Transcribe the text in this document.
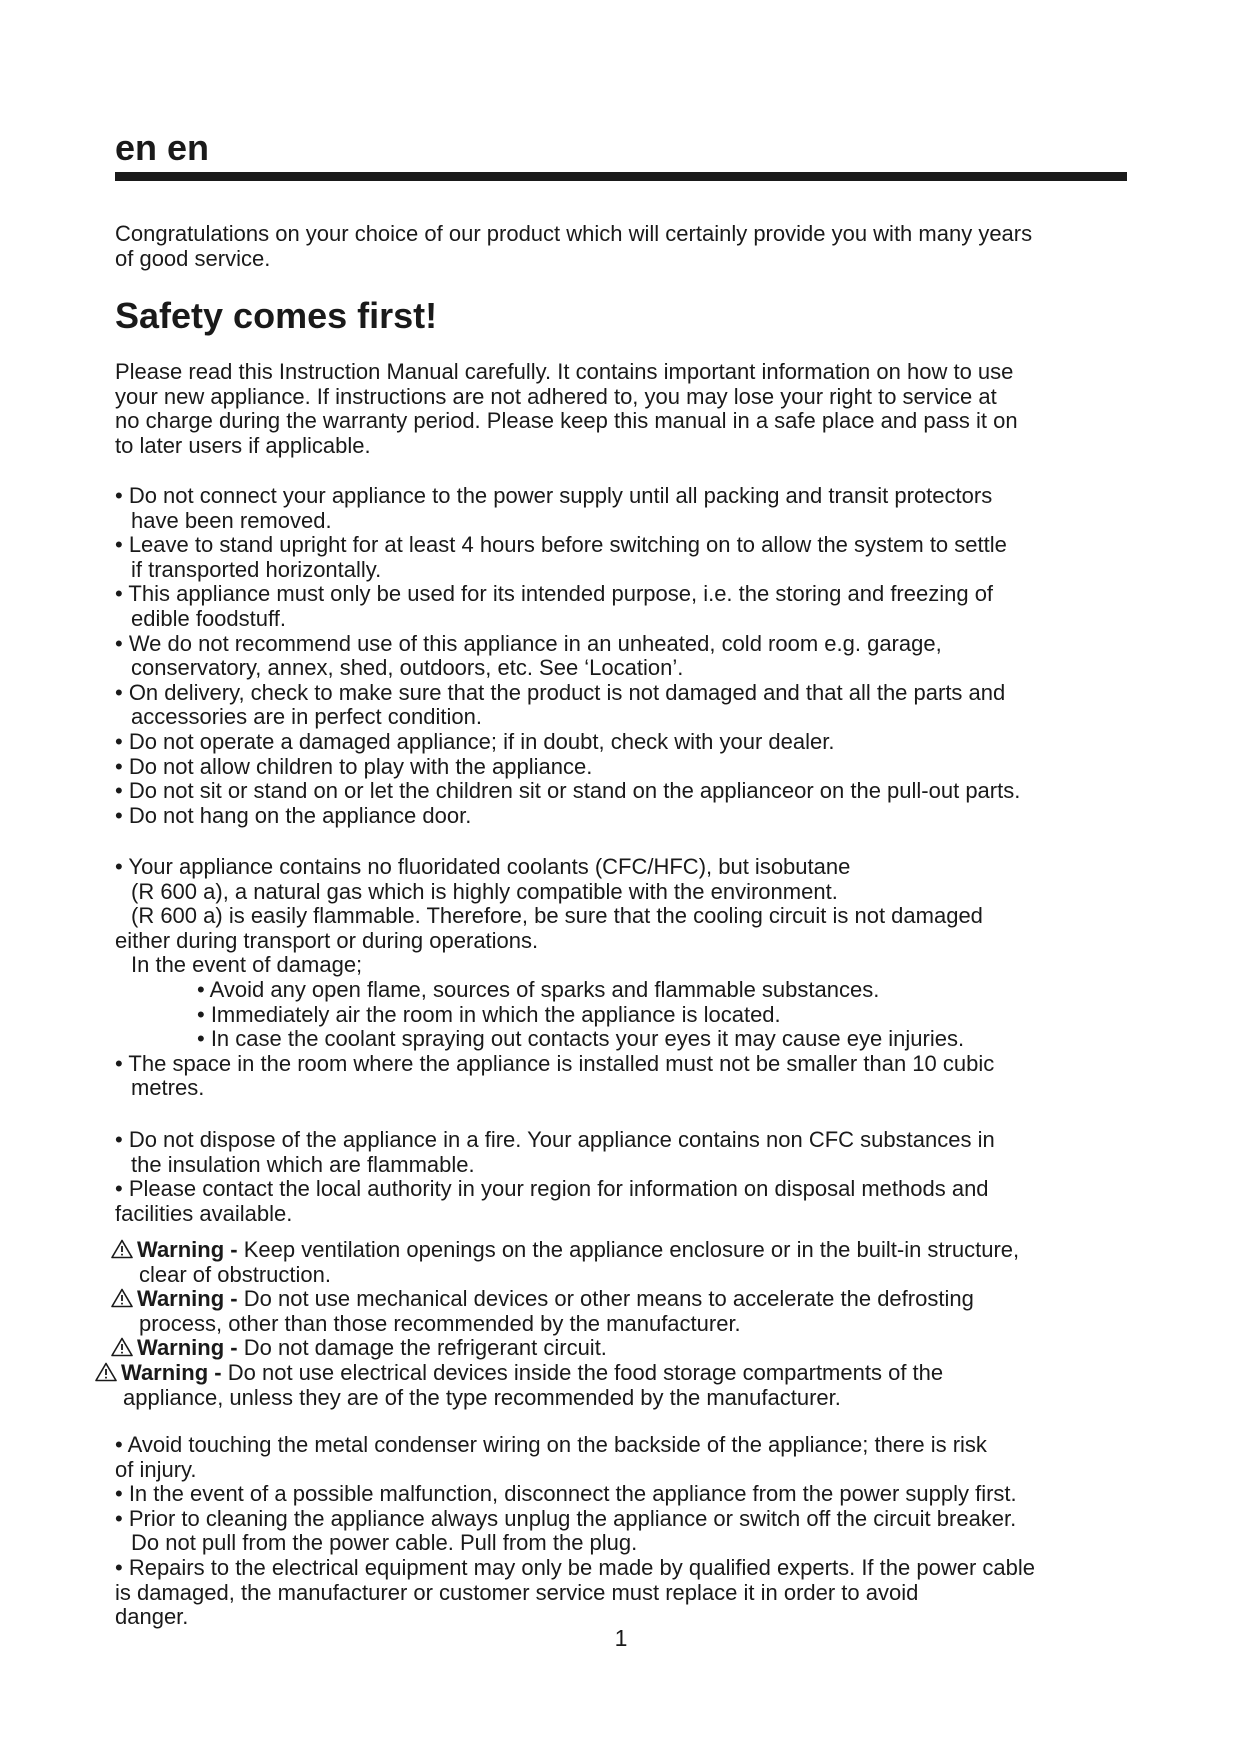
en en

Congratulations on your choice of our product which will certainly provide you with many years

of good service.

Safety comes first!

Please read this Instruction Manual carefully. It contains important information on how to use

your new appliance. If instructions are not adhered to, you may lose your right to service at

no charge during the warranty period. Please keep this manual in a safe place and pass it on

to later users if applicable.

• Do not connect your appliance to the power supply until all packing and transit protectors
have been removed.

• Leave to stand upright for at least 4 hours before switching on to allow the system to settle
if transported horizontally.

• This appliance must only be used for its intended purpose, i.e. the storing and freezing of
edible foodstuff.

• We do not recommend use of this appliance in an unheated, cold room e.g. garage,
conservatory, annex, shed, outdoors, etc. See ‘Location’.

• On delivery, check to make sure that the product is not damaged and that all the parts and
accessories are in perfect condition.

• Do not operate a damaged appliance; if in doubt, check with your dealer.

• Do not allow children to play with the appliance.

• Do not sit or stand on or let the children sit or stand on the applianceor on the pull-out parts.

• Do not hang on the appliance door.

• Your appliance contains no fluoridated coolants (CFC/HFC), but isobutane

(R 600 a), a natural gas which is highly compatible with the environment.

(R 600 a) is easily flammable. Therefore, be sure that the cooling circuit is not damaged

either during transport or during operations.

In the event of damage;

• Avoid any open flame, sources of sparks and flammable substances.

• Immediately air the room in which the appliance is located.

• In case the coolant spraying out contacts your eyes it may cause eye injuries.

• The space in the room where the appliance is installed must not be smaller than 10 cubic
metres.

• Do not dispose of the appliance in a fire. Your appliance contains non CFC substances in
the insulation which are flammable.

• Please contact the local authority in your region for information on disposal methods and
facilities available.

Warning - Keep ventilation openings on the appliance enclosure or in the built-in structure,
clear of obstruction.

Warning - Do not use mechanical devices or other means to accelerate the defrosting
process, other than those recommended by the manufacturer.

Warning - Do not damage the refrigerant circuit.

Warning - Do not use electrical devices inside the food storage compartments of the
appliance, unless they are of the type recommended by the manufacturer.

• Avoid touching the metal condenser wiring on the backside of the appliance; there is risk
of injury.

• In the event of a possible malfunction, disconnect the appliance from the power supply first.

• Prior to cleaning the appliance always unplug the appliance or switch off the circuit breaker.
Do not pull from the power cable. Pull from the plug.

• Repairs to the electrical equipment may only be made by qualified experts. If the power cable
is damaged, the manufacturer or customer service must replace it in order to avoid
danger.

1
